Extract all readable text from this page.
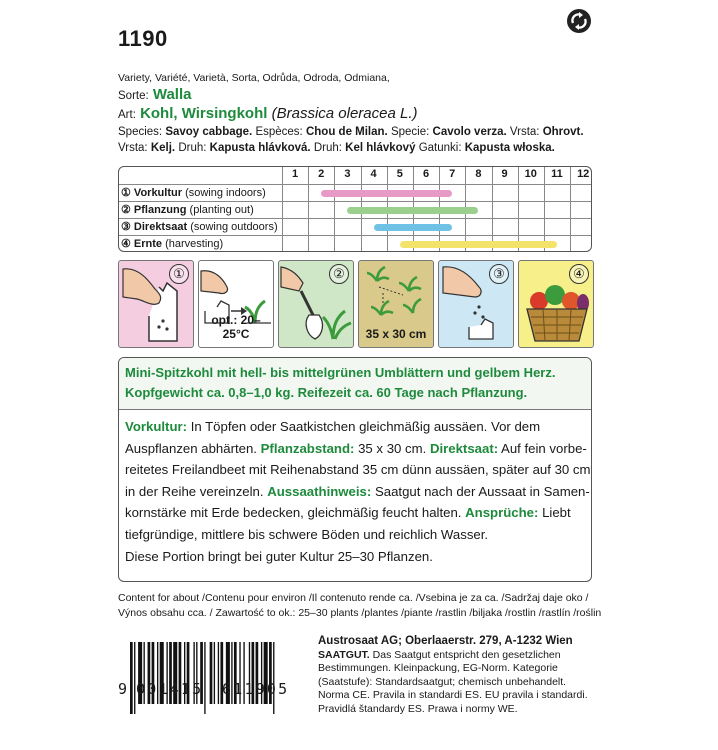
1190
Variety, Variété, Varietà, Sorta, Odrůda, Odroda, Odmiana,
Sorte: Walla
Art: Kohl, Wirsingkohl (Brassica oleracea L.)
Species: Savoy cabbage. Espèces: Chou de Milan. Specie: Cavolo verza. Vrsta: Ohrovt.
Vrsta: Kelj. Druh: Kapusta hlávková. Druh: Kel hlávkový Gatunki: Kapusta włoska.
1	2	3	4	5	6	7	8	9	10	11	12
① Vorkultur (sowing indoors)
② Pflanzung (planting out)
③ Direktsaat (sowing outdoors)
④ Ernte (harvesting)
①
opt.: 20–25°C
②
35 x 30 cm
③	④
Mini-Spitzkohl mit hell- bis mittelgrünen Umblättern und gelbem Herz.
Kopfgewicht ca. 0,8–1,0 kg. Reifezeit ca. 60 Tage nach Pflanzung.
Vorkultur: In Töpfen oder Saatkistchen gleichmäßig aussäen. Vor dem
Auspflanzen abhärten. Pflanzabstand: 35 x 30 cm. Direktsaat: Auf fein vorbe-
reitetes Freilandbeet mit Reihenabstand 35 cm dünn aussäen, später auf 30 cm
in der Reihe vereinzeln. Aussaathinweis: Saatgut nach der Aussaat in Samen-
kornstärke mit Erde bedecken, gleichmäßig feucht halten. Ansprüche: Liebt
tiefgründige, mittlere bis schwere Böden und reichlich Wasser.
Diese Portion bringt bei guter Kultur 25–30 Pflanzen.
Content for about /Contenu pour environ /Il contenuto rende ca. /Vsebina je za ca. /Sadržaj daje oko /
Výnos obsahu cca. / Zawartość to ok.: 25–30 plants /plantes /piante /rastlin /biljaka /rostlin /rastlín /roślin
9 001415 611905
Austrosaat AG; Oberlaaerstr. 279, A-1232 Wien
SAATGUT. Das Saatgut entspricht den gesetzlichen
Bestimmungen. Kleinpackung, EG-Norm. Kategorie
(Saatstufe): Standardsaatgut; chemisch unbehandelt.
Norma CE. Pravila in standardi ES. EU pravila i standardi.
Pravidlá štandardy ES. Prawa i normy WE.
